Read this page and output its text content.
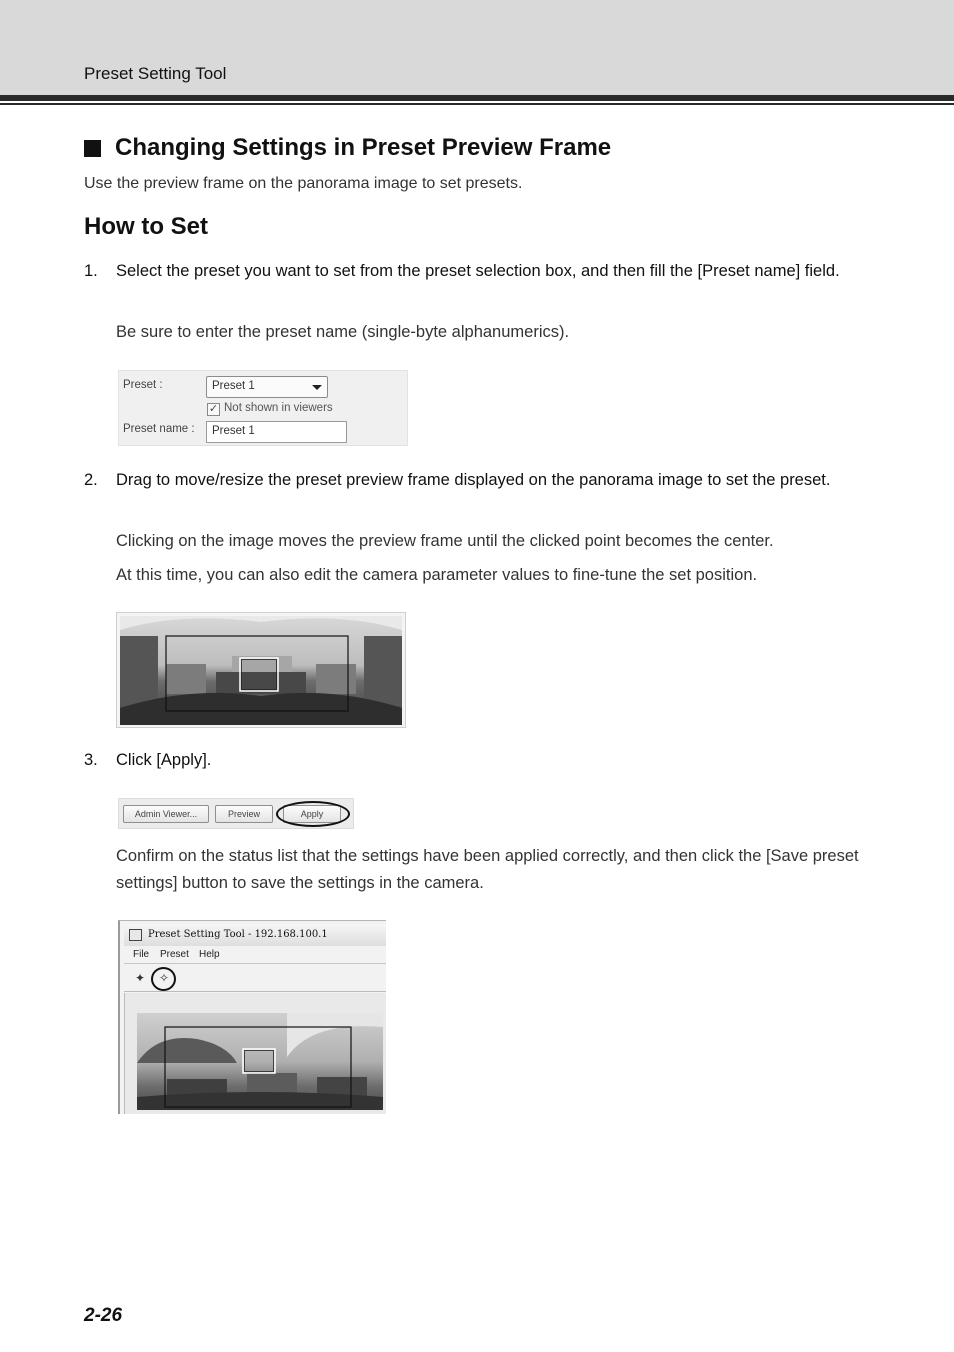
Preset Setting Tool
Changing Settings in Preset Preview Frame
Use the preview frame on the panorama image to set presets.
How to Set
1. Select the preset you want to set from the preset selection box, and then fill the [Preset name] field.
Be sure to enter the preset name (single-byte alphanumerics).
Preset :	Preset 1
✓ Not shown in viewers
Preset name :	Preset 1
2. Drag to move/resize the preset preview frame displayed on the panorama image to set the preset.
Clicking on the image moves the preview frame until the clicked point becomes the center.
At this time, you can also edit the camera parameter values to fine-tune the set position.
3. Click [Apply].
Admin Viewer...	Preview	Apply
Confirm on the status list that the settings have been applied correctly, and then click the [Save preset settings] button to save the settings in the camera.
Preset Setting Tool - 192.168.100.1
File Preset Help
✦	✧
2-26
